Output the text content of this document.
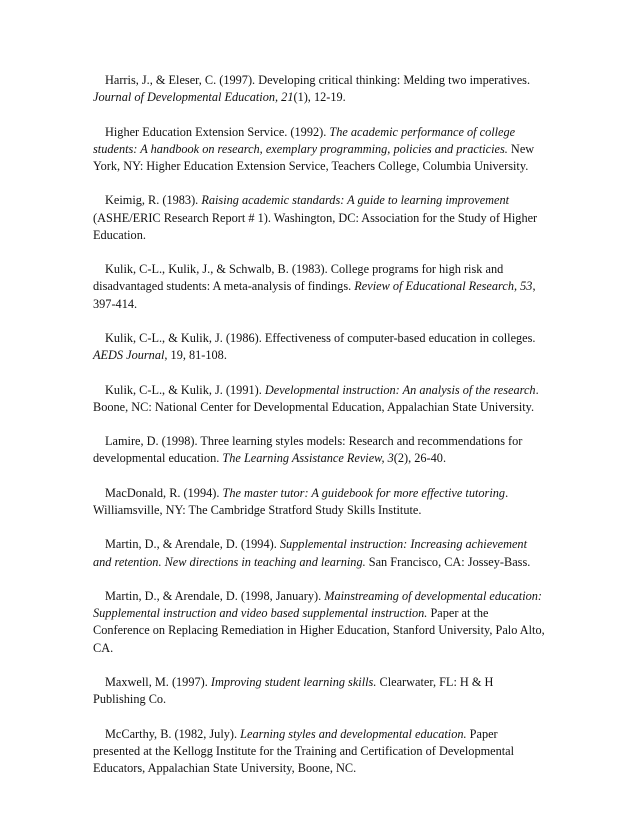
Harris, J., & Eleser, C. (1997). Developing critical thinking: Melding two imperatives. Journal of Developmental Education, 21(1), 12-19.

Higher Education Extension Service. (1992). The academic performance of college students: A handbook on research, exemplary programming, policies and practicies. New York, NY: Higher Education Extension Service, Teachers College, Columbia University.

Keimig, R. (1983). Raising academic standards: A guide to learning improvement (ASHE/ERIC Research Report # 1). Washington, DC: Association for the Study of Higher Education.

Kulik, C-L., Kulik, J., & Schwalb, B. (1983). College programs for high risk and disadvantaged students: A meta-analysis of findings. Review of Educational Research, 53, 397-414.

Kulik, C-L., & Kulik, J. (1986). Effectiveness of computer-based education in colleges. AEDS Journal, 19, 81-108.

Kulik, C-L., & Kulik, J. (1991). Developmental instruction: An analysis of the research. Boone, NC: National Center for Developmental Education, Appalachian State University.

Lamire, D. (1998). Three learning styles models: Research and recommendations for developmental education. The Learning Assistance Review, 3(2), 26-40.

MacDonald, R. (1994). The master tutor: A guidebook for more effective tutoring. Williamsville, NY: The Cambridge Stratford Study Skills Institute.

Martin, D., & Arendale, D. (1994). Supplemental instruction: Increasing achievement and retention. New directions in teaching and learning. San Francisco, CA: Jossey-Bass.

Martin, D., & Arendale, D. (1998, January). Mainstreaming of developmental education: Supplemental instruction and video based supplemental instruction. Paper at the Conference on Replacing Remediation in Higher Education, Stanford University, Palo Alto, CA.

Maxwell, M. (1997). Improving student learning skills. Clearwater, FL: H & H Publishing Co.

McCarthy, B. (1982, July). Learning styles and developmental education. Paper presented at the Kellogg Institute for the Training and Certification of Developmental Educators, Appalachian State University, Boone, NC.
